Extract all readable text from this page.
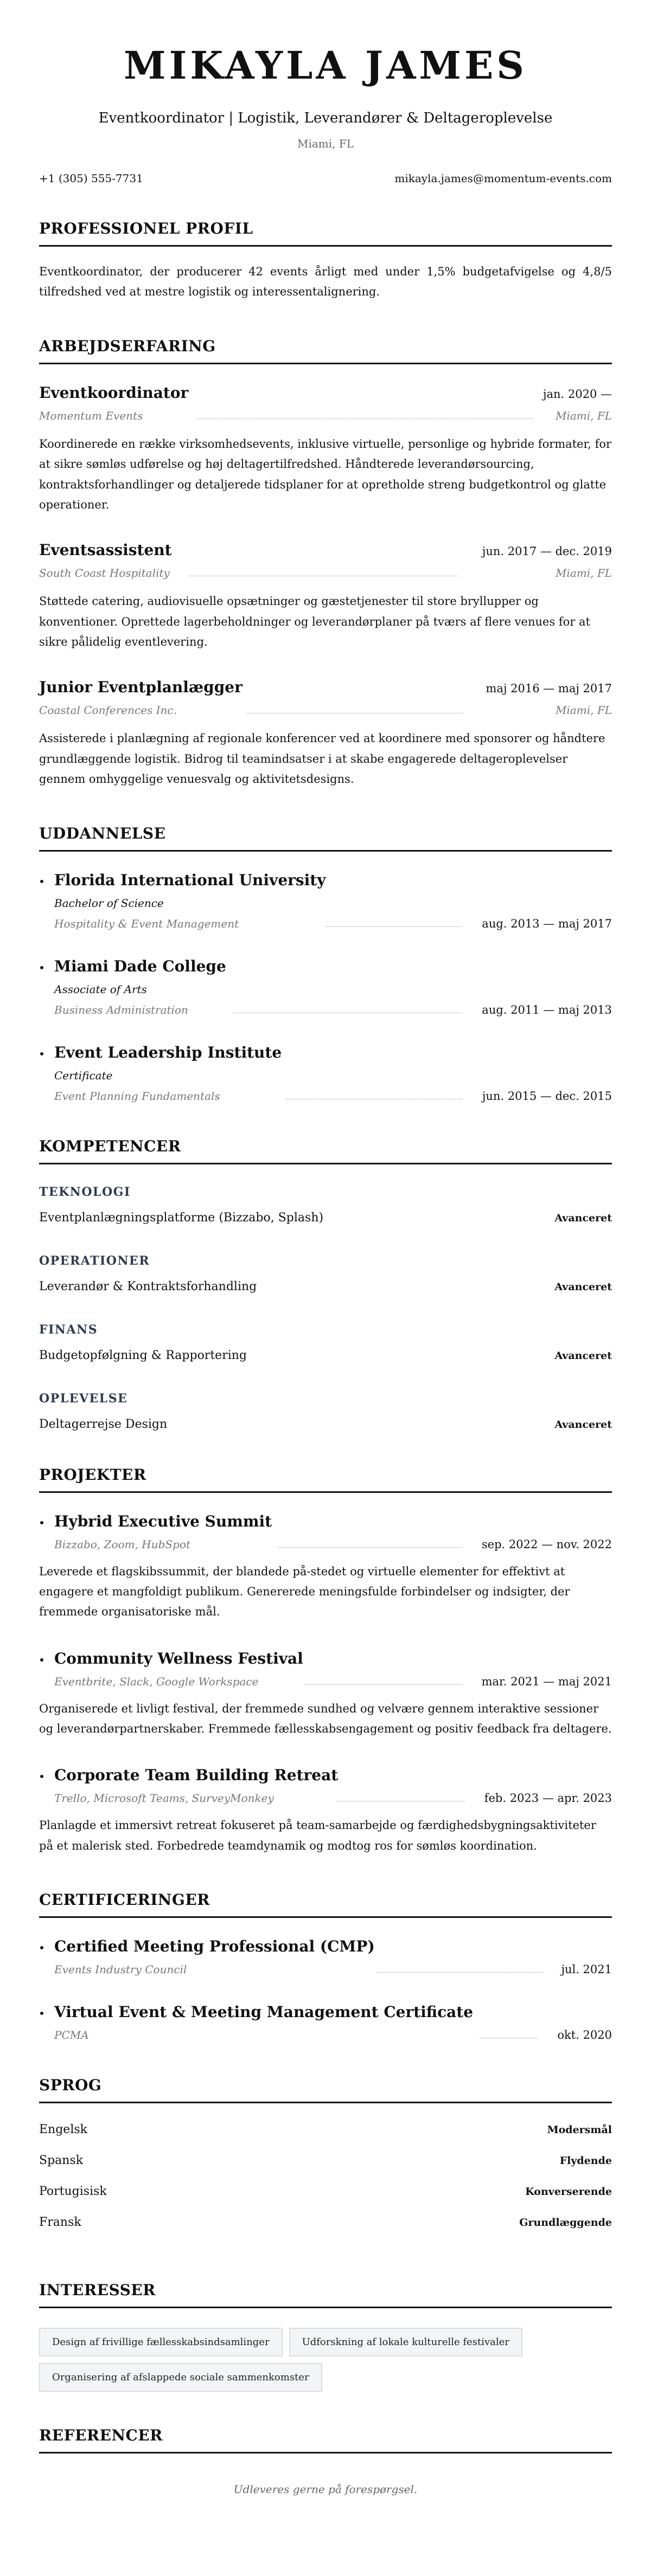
MIKAYLA JAMES
Eventkoordinator | Logistik, Leverandører & Deltageroplevelse
Miami, FL
+1 (305) 555-7731	mikayla.james@momentum-events.com
PROFESSIONEL PROFIL

Eventkoordinator, der producerer 42 events årligt med under 1,5% budgetafvigelse og 4,8/5 tilfredshed ved at mestre logistik og interessentalignering.

ARBEJDSERFARING
Eventkoordinator	jan. 2020 —
Momentum Events	Miami, FL

Koordinerede en række virksomhedsevents, inklusive virtuelle, personlige og hybride formater, for at sikre sømløs udførelse og høj deltagertilfredshed. Håndterede leverandørsourcing, kontraktsforhandlinger og detaljerede tidsplaner for at opretholde streng budgetkontrol og glatte operationer.

Eventsassistent	jun. 2017 — dec. 2019
South Coast Hospitality	Miami, FL

Støttede catering, audiovisuelle opsætninger og gæstetjenester til store bryllupper og konventioner. Oprettede lagerbeholdninger og leverandørplaner på tværs af flere venues for at sikre pålidelig eventlevering.

Junior Eventplanlægger	maj 2016 — maj 2017
Coastal Conferences Inc.	Miami, FL

Assisterede i planlægning af regionale konferencer ved at koordinere med sponsorer og håndtere grundlæggende logistik. Bidrog til teamindsatser i at skabe engagerede deltageroplevelser gennem omhyggelige venuesvalg og aktivitetsdesigns.

UDDANNELSE
Florida International University
Bachelor of Science
Hospitality & Event Management	aug. 2013 — maj 2017
Miami Dade College
Associate of Arts
Business Administration	aug. 2011 — maj 2013
Event Leadership Institute
Certificate
Event Planning Fundamentals	jun. 2015 — dec. 2015
KOMPETENCER
TEKNOLOGI
Eventplanlægningsplatforme (Bizzabo, Splash)	Avanceret
OPERATIONER
Leverandør & Kontraktsforhandling	Avanceret
FINANS
Budgetopfølgning & Rapportering	Avanceret
OPLEVELSE
Deltagerrejse Design	Avanceret
PROJEKTER
Hybrid Executive Summit
Bizzabo, Zoom, HubSpot	sep. 2022 — nov. 2022

Leverede et flagskibssummit, der blandede på-stedet og virtuelle elementer for effektivt at engagere et mangfoldigt publikum. Genererede meningsfulde forbindelser og indsigter, der fremmede organisatoriske mål.

Community Wellness Festival
Eventbrite, Slack, Google Workspace	mar. 2021 — maj 2021

Organiserede et livligt festival, der fremmede sundhed og velvære gennem interaktive sessioner og leverandørpartnerskaber. Fremmede fællesskabsengagement og positiv feedback fra deltagere.

Corporate Team Building Retreat
Trello, Microsoft Teams, SurveyMonkey	feb. 2023 — apr. 2023

Planlagde et immersivt retreat fokuseret på team-samarbejde og færdighedsbygningsaktiviteter på et malerisk sted. Forbedrede teamdynamik og modtog ros for sømløs koordination.

CERTIFICERINGER
Certified Meeting Professional (CMP)
Events Industry Council	jul. 2021
Virtual Event & Meeting Management Certificate
PCMA	okt. 2020
SPROG
Engelsk	Modersmål
Spansk	Flydende
Portugisisk	Konverserende
Fransk	Grundlæggende
INTERESSER
Design af frivillige fællesskabsindsamlinger	Udforskning af lokale kulturelle festivaler
Organisering af afslappede sociale sammenkomster
REFERENCER

Udleveres gerne på forespørgsel.
